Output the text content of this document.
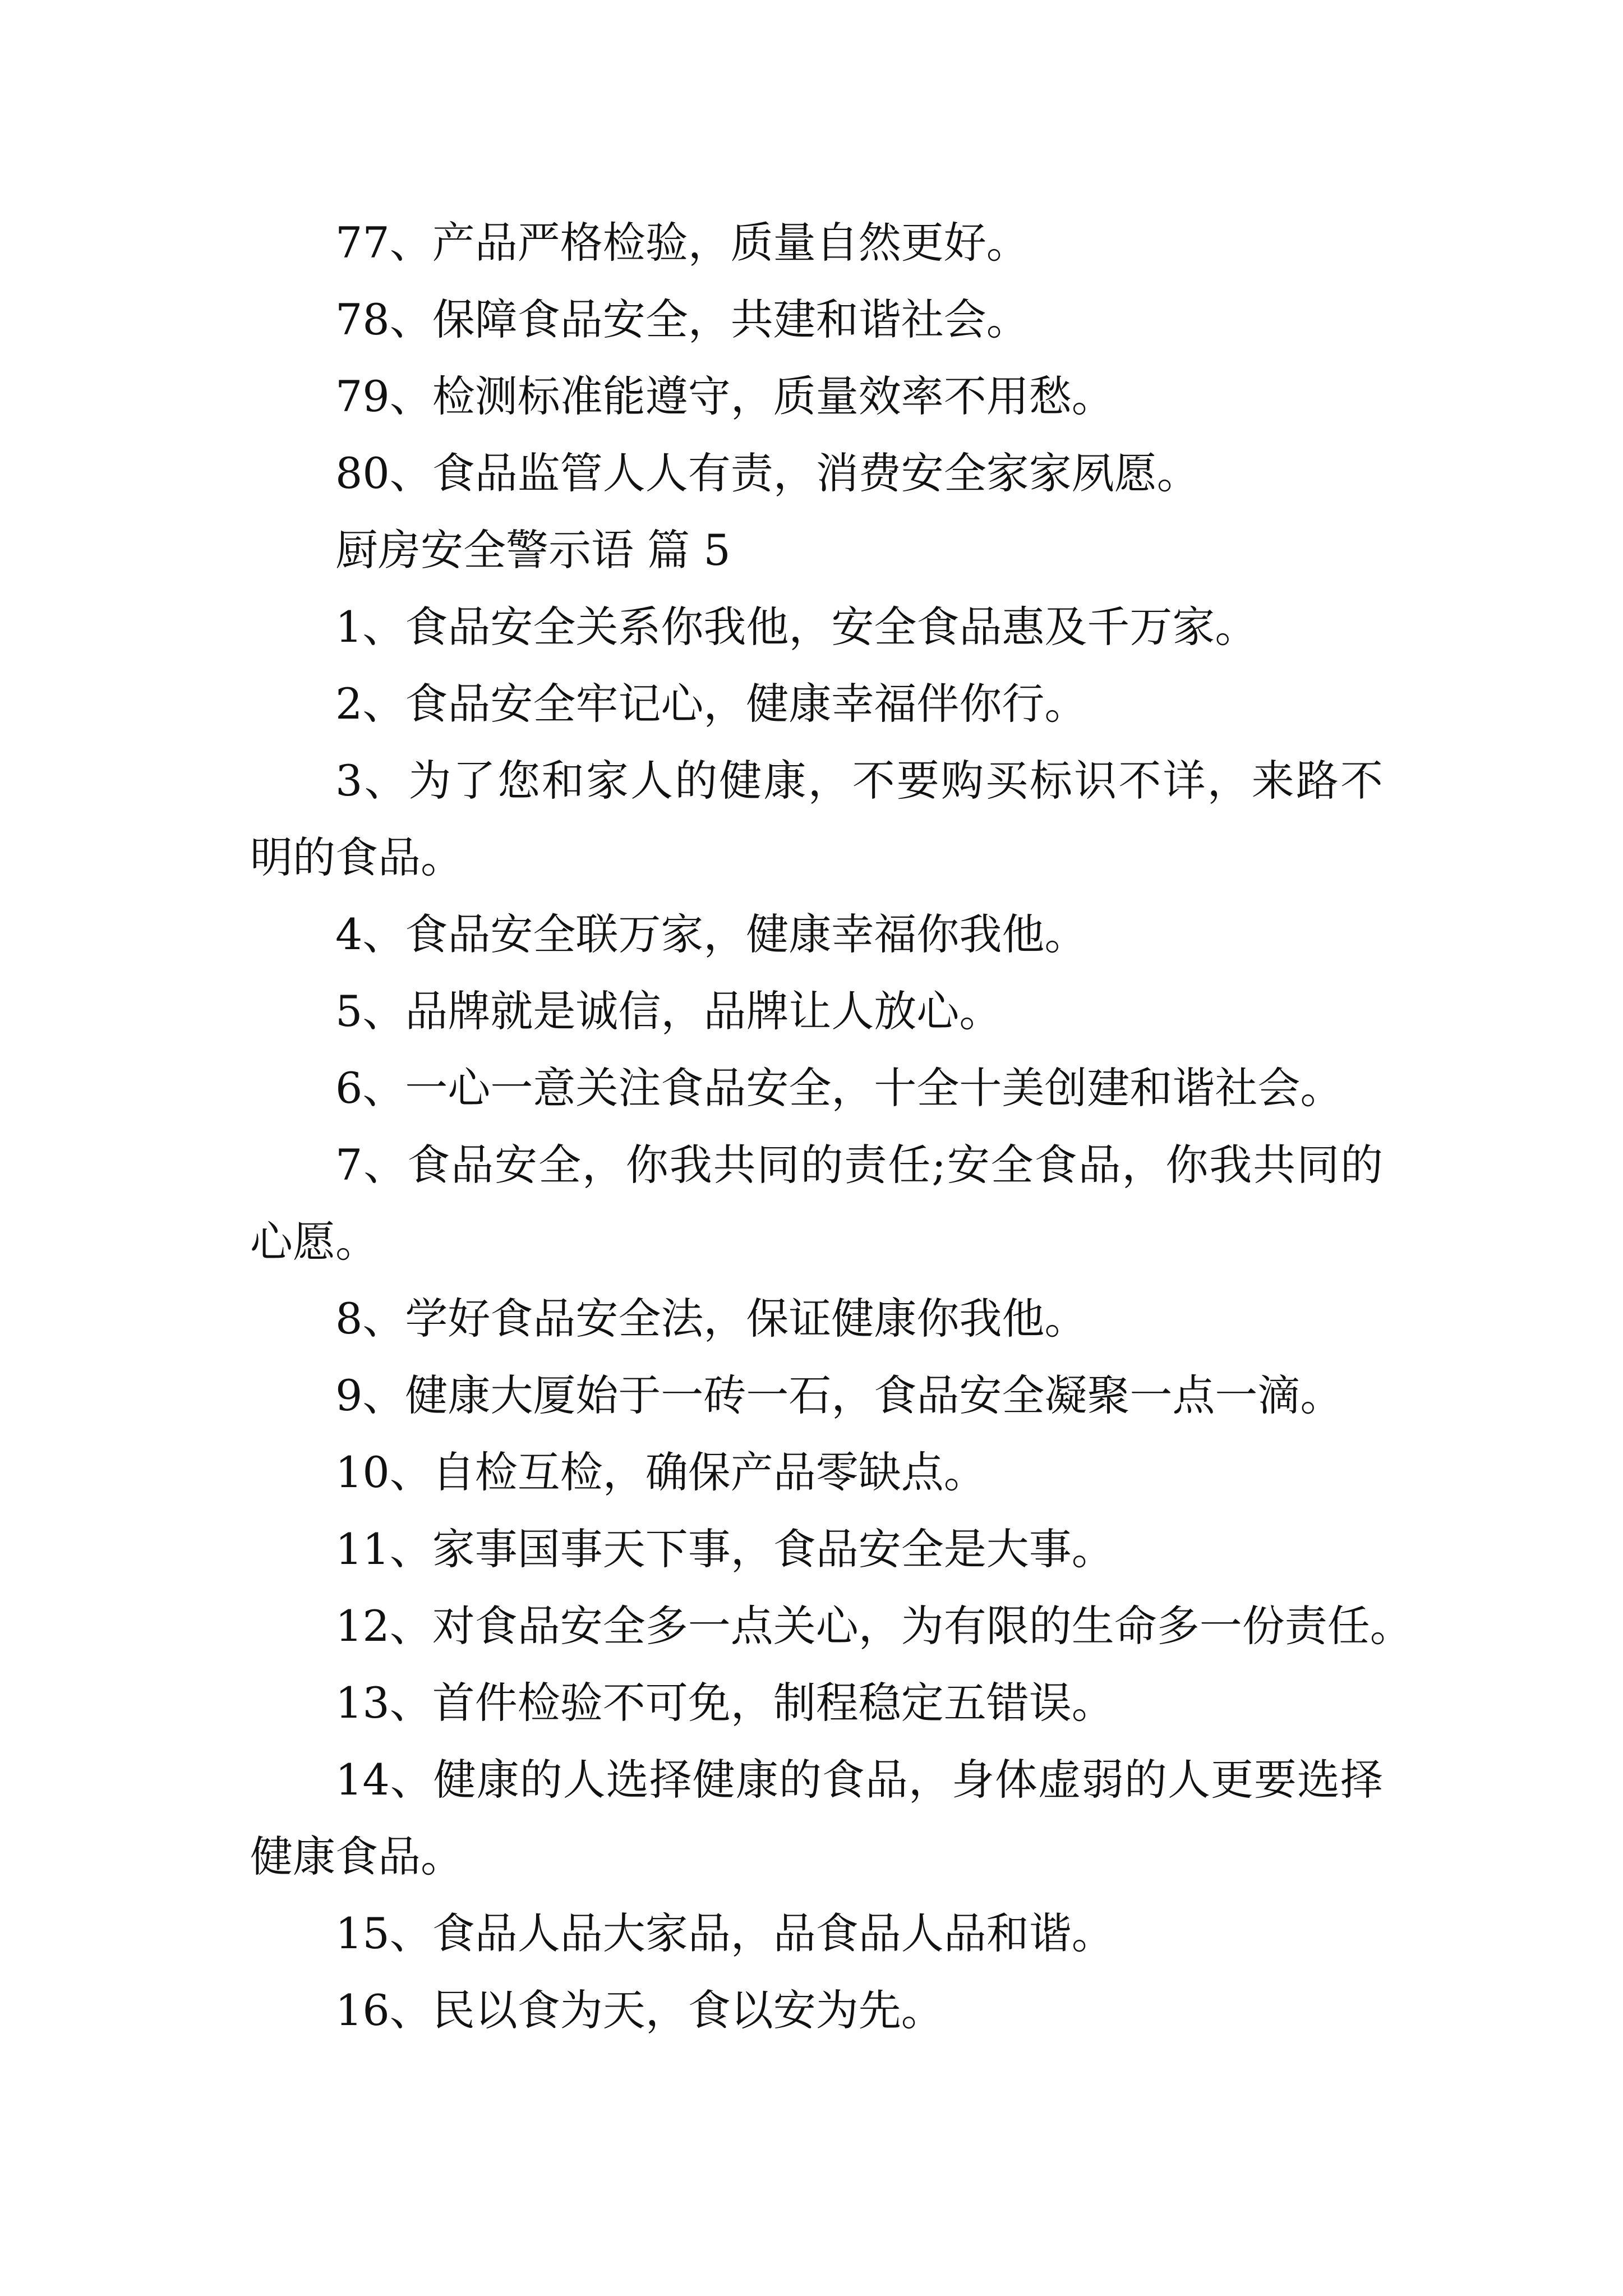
77、产品严格检验，质量自然更好。

78、保障食品安全，共建和谐社会。

79、检测标准能遵守，质量效率不用愁。

80、食品监管人人有责，消费安全家家夙愿。

厨房安全警示语 篇 5

1、食品安全关系你我他，安全食品惠及千万家。

2、食品安全牢记心，健康幸福伴你行。

3、为了您和家人的健康，不要购买标识不详，来路不
明的食品。

4、食品安全联万家，健康幸福你我他。

5、品牌就是诚信，品牌让人放心。

6、一心一意关注食品安全，十全十美创建和谐社会。

7、食品安全，你我共同的责任;安全食品，你我共同的
心愿。

8、学好食品安全法，保证健康你我他。

9、健康大厦始于一砖一石，食品安全凝聚一点一滴。

10、自检互检，确保产品零缺点。

11、家事国事天下事，食品安全是大事。

12、对食品安全多一点关心，为有限的生命多一份责任。

13、首件检验不可免，制程稳定五错误。

14、健康的人选择健康的食品，身体虚弱的人更要选择
健康食品。

15、食品人品大家品，品食品人品和谐。

16、民以食为天，食以安为先。
